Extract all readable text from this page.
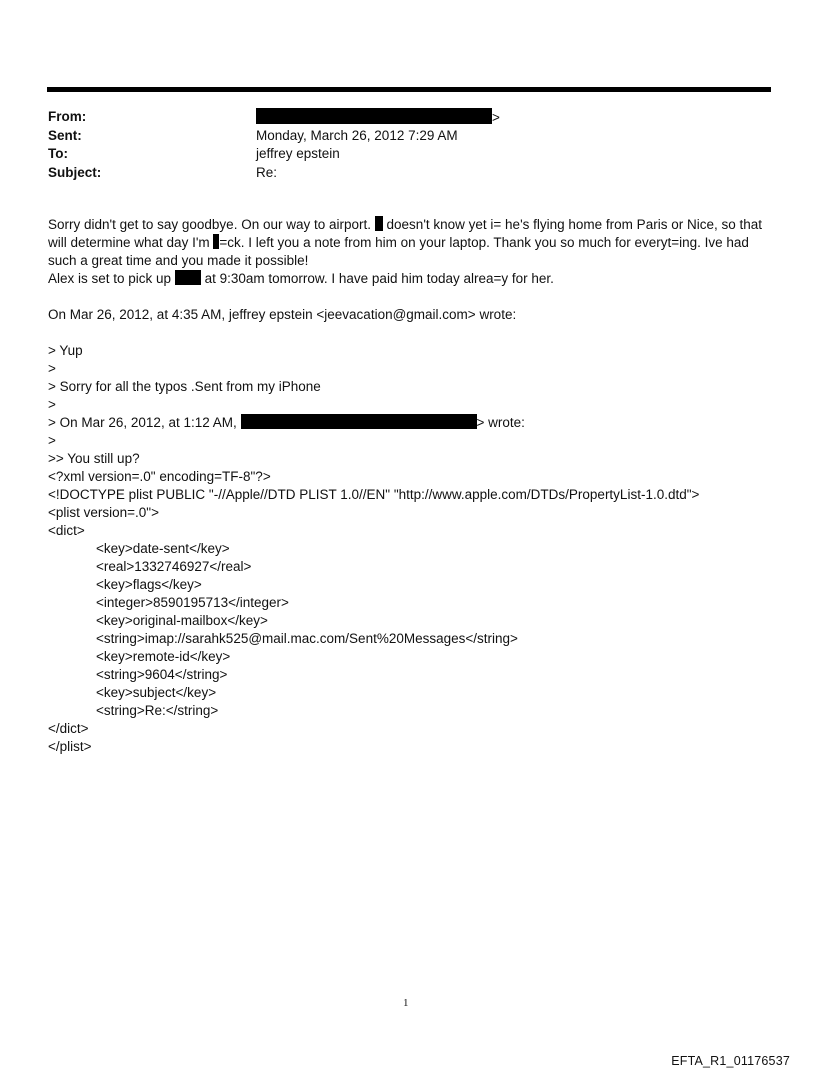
From:	>
Sent:	Monday, March 26, 2012 7:29 AM
To:	jeffrey epstein
Subject:	Re:

Sorry didn't get to say goodbye. On our way to airport. doesn't know yet i= he's flying home from Paris or Nice, so that
will determine what day I'm =ck. I left you a note from him on your laptop. Thank you so much for everyt=ing. Ive had
such a great time and you made it possible!

Alex is set to pick up at 9:30am tomorrow. I have paid him today alrea=y for her.

On Mar 26, 2012, at 4:35 AM, jeffrey epstein <jeevacation@gmail.com> wrote:
> Yup
>
> Sorry for all the typos .Sent from my iPhone
>
> On Mar 26, 2012, at 1:12 AM,	> wrote:
>
>> You still up?
<?xml version=.0" encoding=TF-8"?>
<!DOCTYPE plist PUBLIC "-//Apple//DTD PLIST 1.0//EN" "http://www.apple.com/DTDs/PropertyList-1.0.dtd">
<plist version=.0">
<dict>
<key>date-sent</key>
<real>1332746927</real>
<key>flags</key>
<integer>8590195713</integer>
<key>original-mailbox</key>
<string>imap://sarahk525@mail.mac.com/Sent%20Messages</string>
<key>remote-id</key>
<string>9604</string>
<key>subject</key>
<string>Re:</string>
</dict>
</plist>
1
EFTA_R1_01176537
